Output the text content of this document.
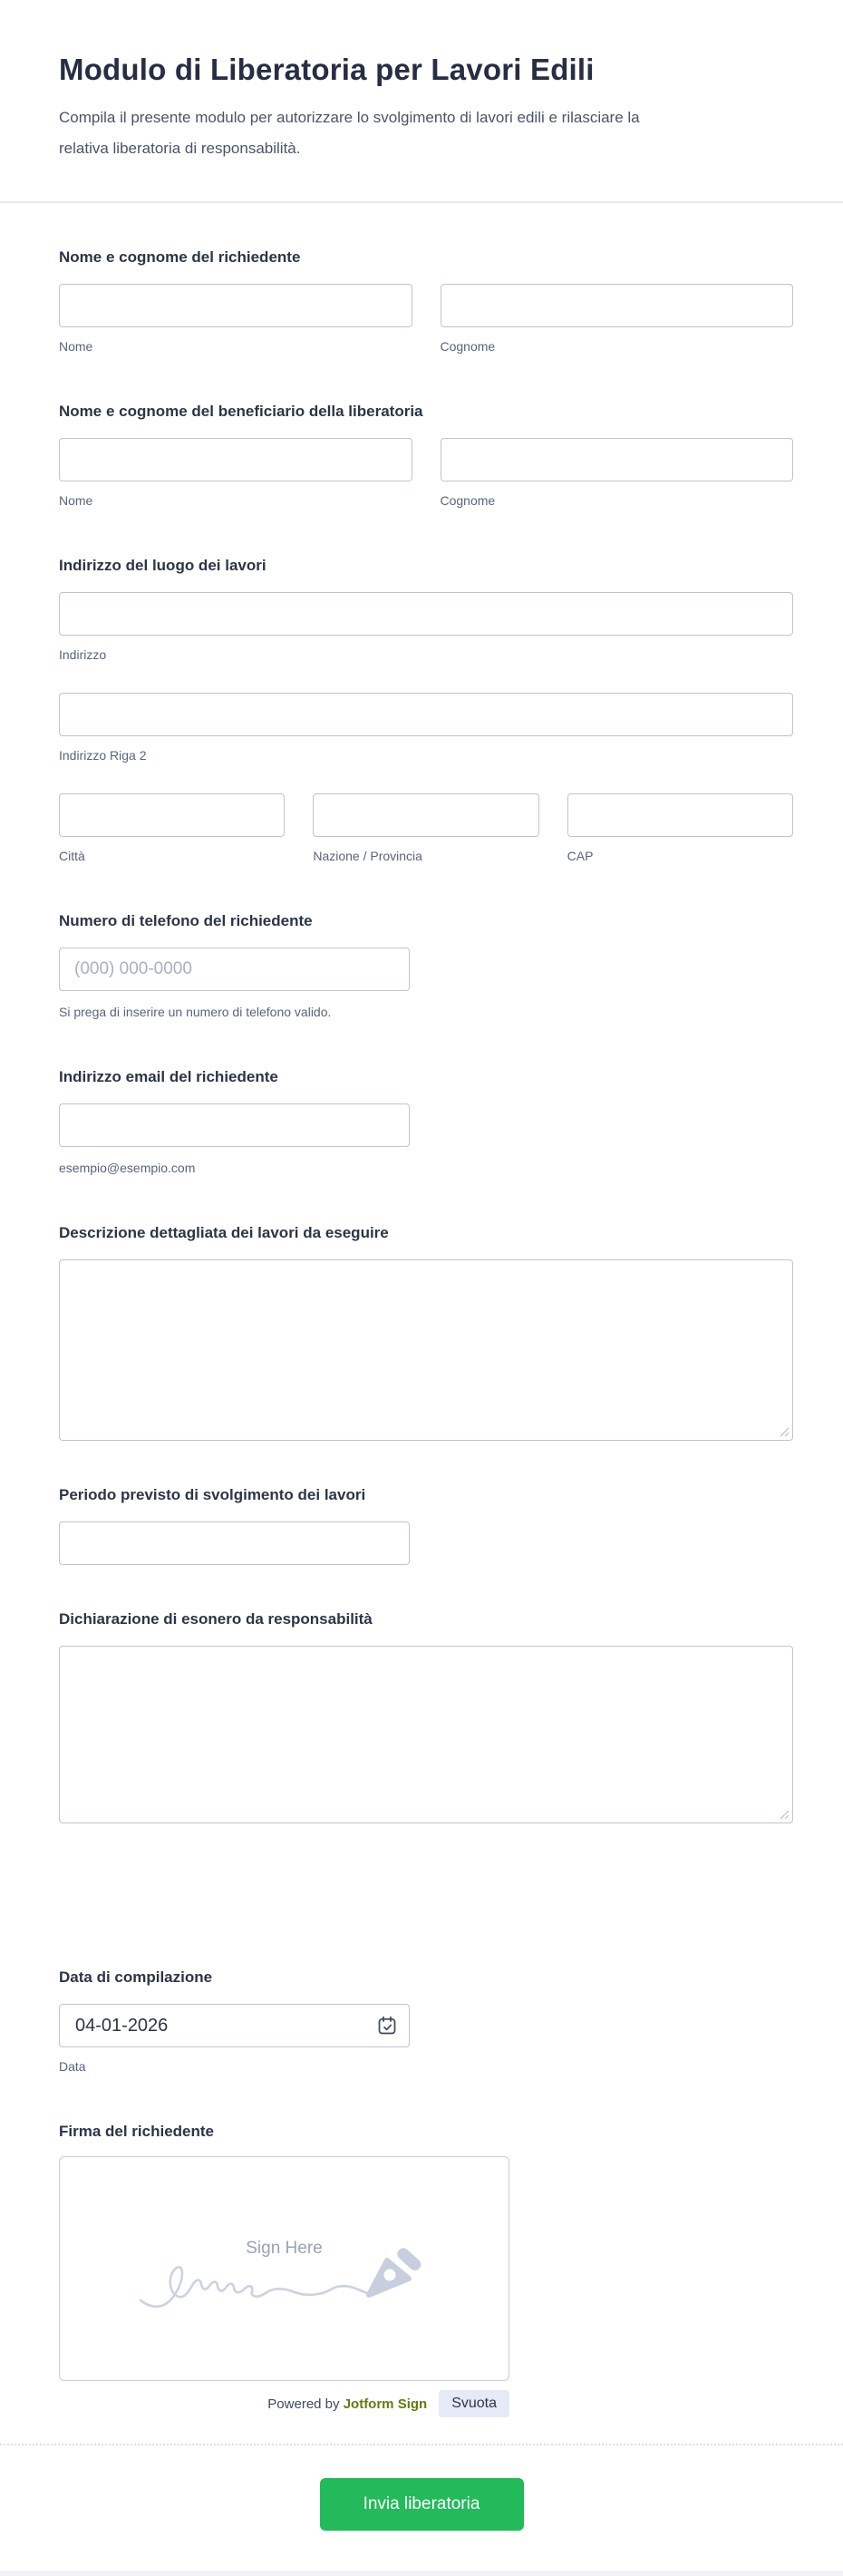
Modulo di Liberatoria per Lavori Edili

Compila il presente modulo per autorizzare lo svolgimento di lavori edili e rilasciare la
relativa liberatoria di responsabilità.

Nome e cognome del richiedente
Nome	Cognome
Nome e cognome del beneficiario della liberatoria
Nome	Cognome
Indirizzo del luogo dei lavori
Indirizzo
Indirizzo Riga 2
Città	Nazione / Provincia	CAP
Numero di telefono del richiedente
(000) 000-0000
Si prega di inserire un numero di telefono valido.
Indirizzo email del richiedente
esempio@esempio.com
Descrizione dettagliata dei lavori da eseguire
Periodo previsto di svolgimento dei lavori
Dichiarazione di esonero da responsabilità
Data di compilazione
04-01-2026
Data
Firma del richiedente
Sign Here
Powered by Jotform Sign	Svuota
Invia liberatoria
